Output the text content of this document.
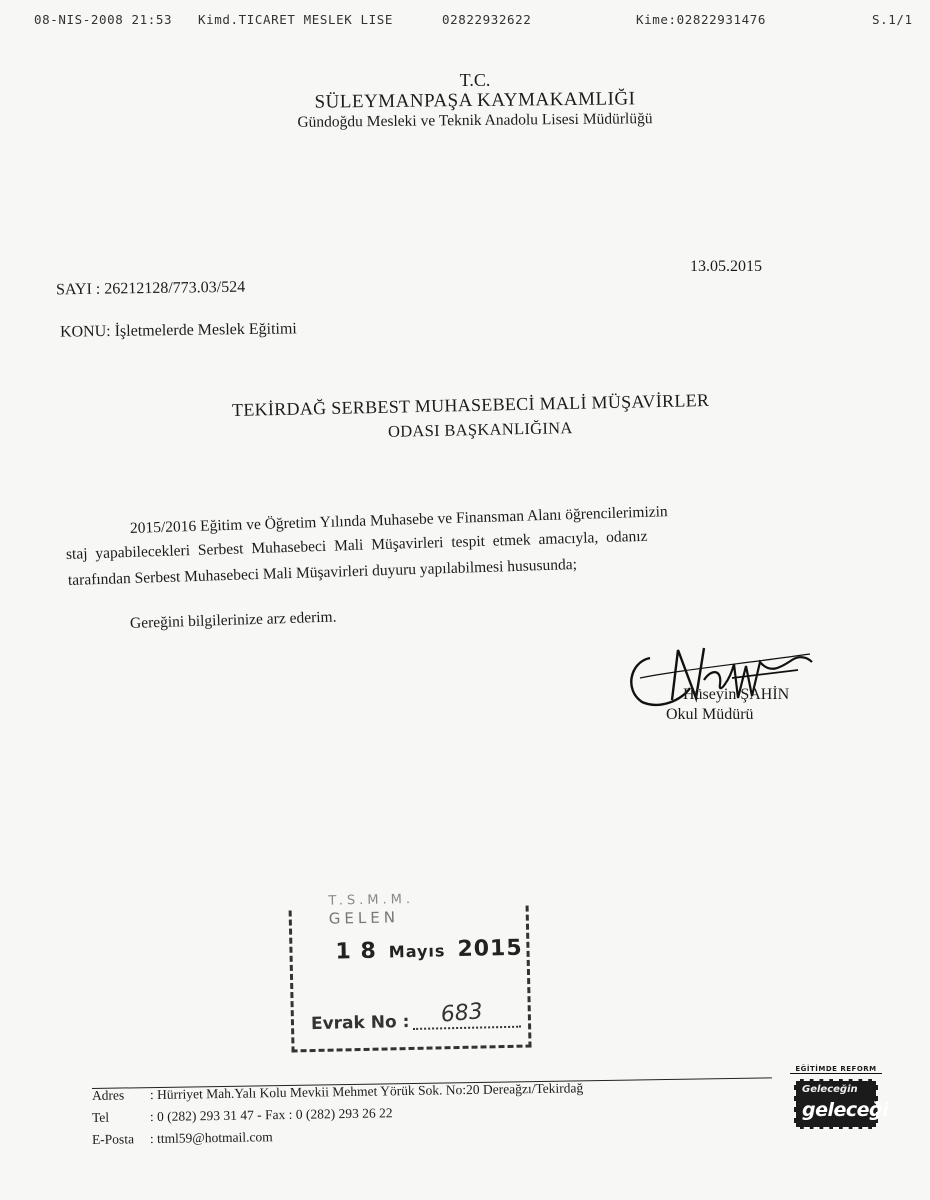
08-NIS-2008 21:53 Kimd.TICARET MESLEK LISE	02822932622	Kime:02822931476	S.1/1
T.C.
SÜLEYMANPAŞA KAYMAKAMLIĞI
Gündoğdu Mesleki ve Teknik Anadolu Lisesi Müdürlüğü
13.05.2015
SAYI : 26212128/773.03/524
KONU: İşletmelerde Meslek Eğitimi
TEKİRDAĞ SERBEST MUHASEBECİ MALİ MÜŞAVİRLER
ODASI BAŞKANLIĞINA
2015/2016 Eğitim ve Öğretim Yılında Muhasebe ve Finansman Alanı öğrencilerimizin
staj yapabilecekleri Serbest Muhasebeci Mali Müşavirleri tespit etmek amacıyla, odanız
tarafından Serbest Muhasebeci Mali Müşavirleri duyuru yapılabilmesi hususunda;
Gereğini bilgilerinize arz ederim.
Hüseyin ŞAHİN
Okul Müdürü
T.S.M.M.
GELEN
1 8 Mayıs 2015
Evrak No : 683
Adres : Hürriyet Mah.Yalı Kolu Mevkii Mehmet Yörük Sok. No:20 Dereağzı/Tekirdağ
Tel	: 0 (282) 293 31 47 - Fax : 0 (282) 293 26 22
E-Posta : ttml59@hotmail.com
EĞİTİMDE REFORM
Geleceğin
geleceği
